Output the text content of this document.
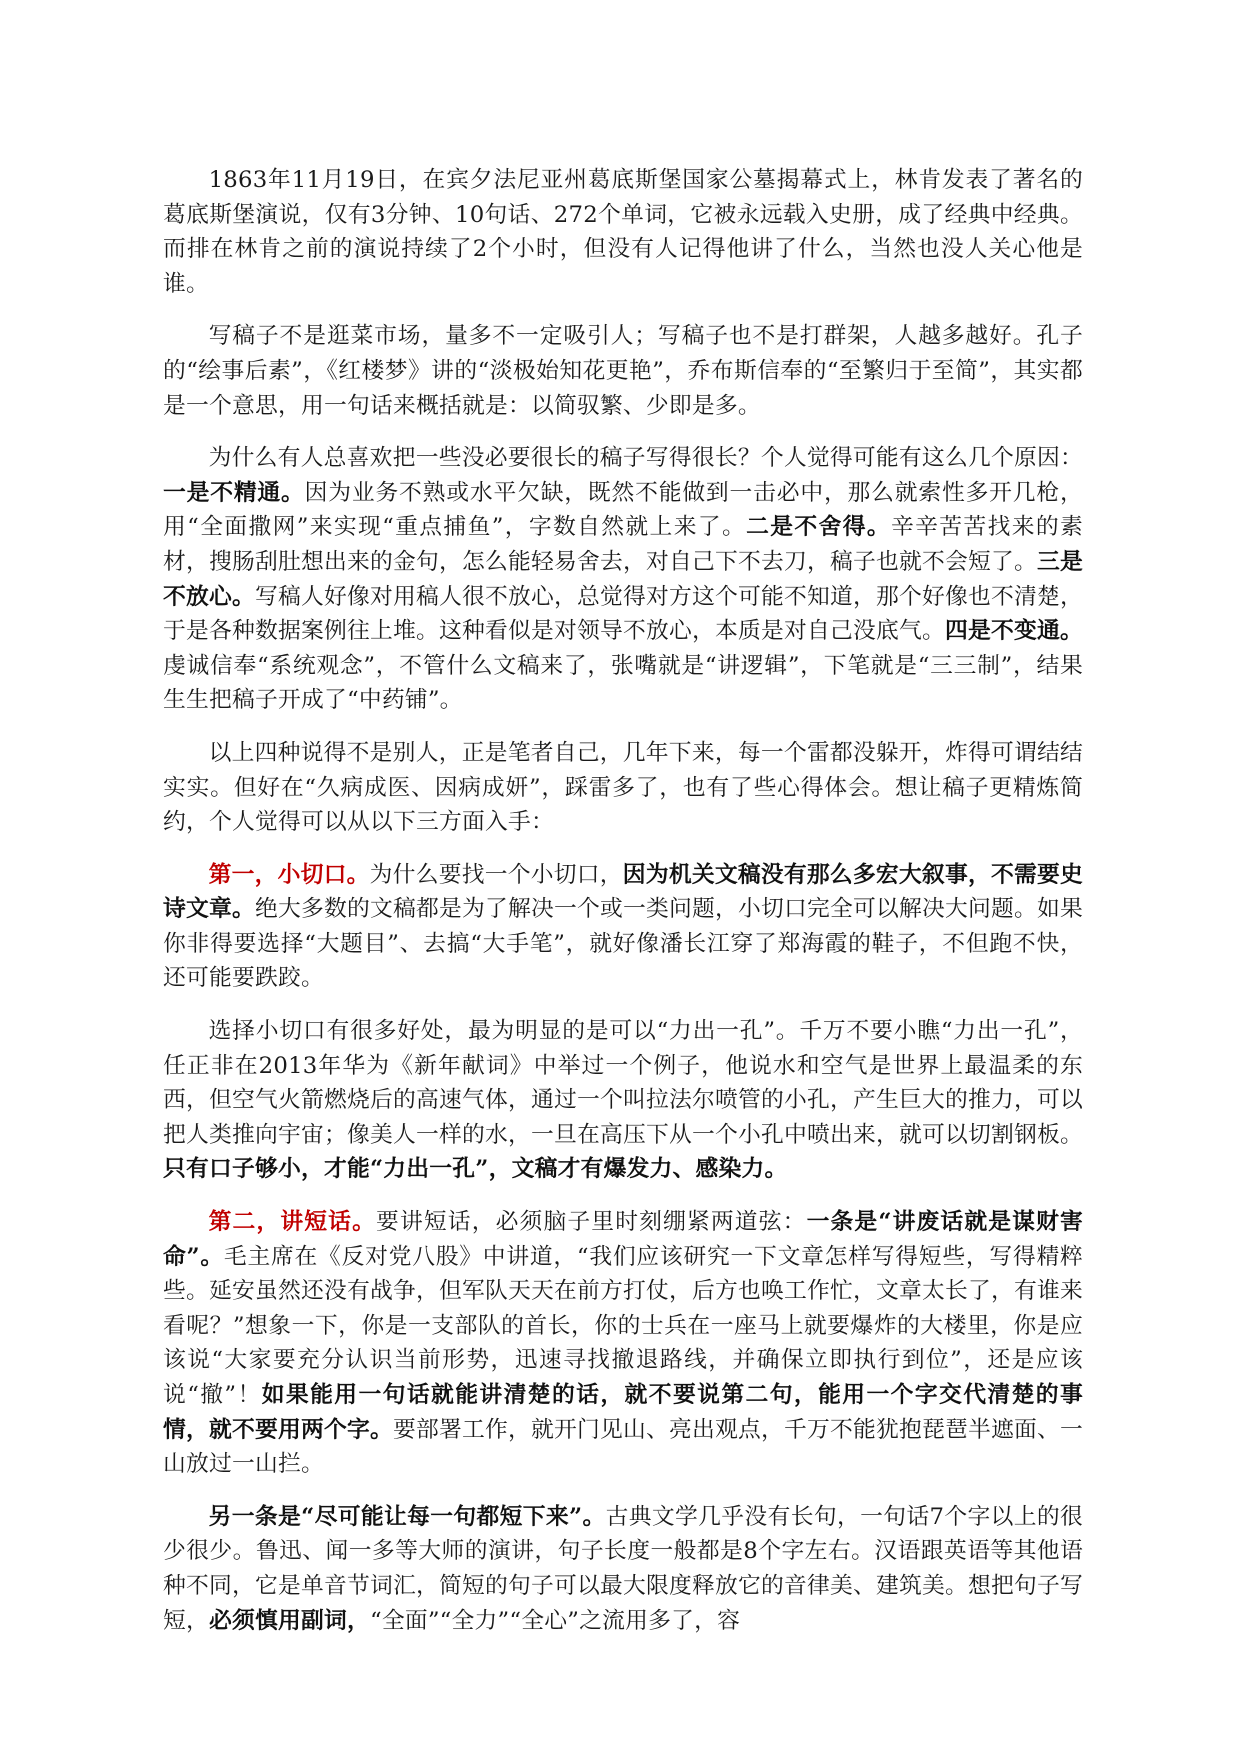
1863年11月19日，在宾夕法尼亚州葛底斯堡国家公墓揭幕式上，林肯发表了著名的葛底斯堡演说，仅有3分钟、10句话、272个单词，它被永远载入史册，成了经典中经典。而排在林肯之前的演说持续了2个小时，但没有人记得他讲了什么，当然也没人关心他是谁。

写稿子不是逛菜市场，量多不一定吸引人；写稿子也不是打群架，人越多越好。孔子的“绘事后素”，《红楼梦》讲的“淡极始知花更艳”，乔布斯信奉的“至繁归于至简”，其实都是一个意思，用一句话来概括就是：以简驭繁、少即是多。

为什么有人总喜欢把一些没必要很长的稿子写得很长？个人觉得可能有这么几个原因：一是不精通。因为业务不熟或水平欠缺，既然不能做到一击必中，那么就索性多开几枪，用“全面撒网”来实现“重点捕鱼”，字数自然就上来了。二是不舍得。辛辛苦苦找来的素材，搜肠刮肚想出来的金句，怎么能轻易舍去，对自己下不去刀，稿子也就不会短了。三是不放心。写稿人好像对用稿人很不放心，总觉得对方这个可能不知道，那个好像也不清楚，于是各种数据案例往上堆。这种看似是对领导不放心，本质是对自己没底气。四是不变通。虔诚信奉“系统观念”，不管什么文稿来了，张嘴就是“讲逻辑”，下笔就是“三三制”，结果生生把稿子开成了“中药铺”。

以上四种说得不是别人，正是笔者自己，几年下来，每一个雷都没躲开，炸得可谓结结实实。但好在“久病成医、因病成妍”，踩雷多了，也有了些心得体会。想让稿子更精炼简约，个人觉得可以从以下三方面入手：

第一，小切口。为什么要找一个小切口，因为机关文稿没有那么多宏大叙事，不需要史诗文章。绝大多数的文稿都是为了解决一个或一类问题，小切口完全可以解决大问题。如果你非得要选择“大题目”、去搞“大手笔”，就好像潘长江穿了郑海霞的鞋子，不但跑不快，还可能要跌跤。

选择小切口有很多好处，最为明显的是可以“力出一孔”。千万不要小瞧“力出一孔”，任正非在2013年华为《新年献词》中举过一个例子，他说水和空气是世界上最温柔的东西，但空气火箭燃烧后的高速气体，通过一个叫拉法尔喷管的小孔，产生巨大的推力，可以把人类推向宇宙；像美人一样的水，一旦在高压下从一个小孔中喷出来，就可以切割钢板。只有口子够小，才能“力出一孔”，文稿才有爆发力、感染力。

第二，讲短话。要讲短话，必须脑子里时刻绷紧两道弦：一条是“讲废话就是谋财害命”。毛主席在《反对党八股》中讲道，“我们应该研究一下文章怎样写得短些，写得精粹些。延安虽然还没有战争，但军队天天在前方打仗，后方也唤工作忙，文章太长了，有谁来看呢？”想象一下，你是一支部队的首长，你的士兵在一座马上就要爆炸的大楼里，你是应该说“大家要充分认识当前形势，迅速寻找撤退路线，并确保立即执行到位”，还是应该说“撤”！如果能用一句话就能讲清楚的话，就不要说第二句，能用一个字交代清楚的事情，就不要用两个字。要部署工作，就开门见山、亮出观点，千万不能犹抱琵琶半遮面、一山放过一山拦。

另一条是“尽可能让每一句都短下来”。古典文学几乎没有长句，一句话7个字以上的很少很少。鲁迅、闻一多等大师的演讲，句子长度一般都是8个字左右。汉语跟英语等其他语种不同，它是单音节词汇，简短的句子可以最大限度释放它的音律美、建筑美。想把句子写短，必须慎用副词，“全面”“全力”“全心”之流用多了，容
